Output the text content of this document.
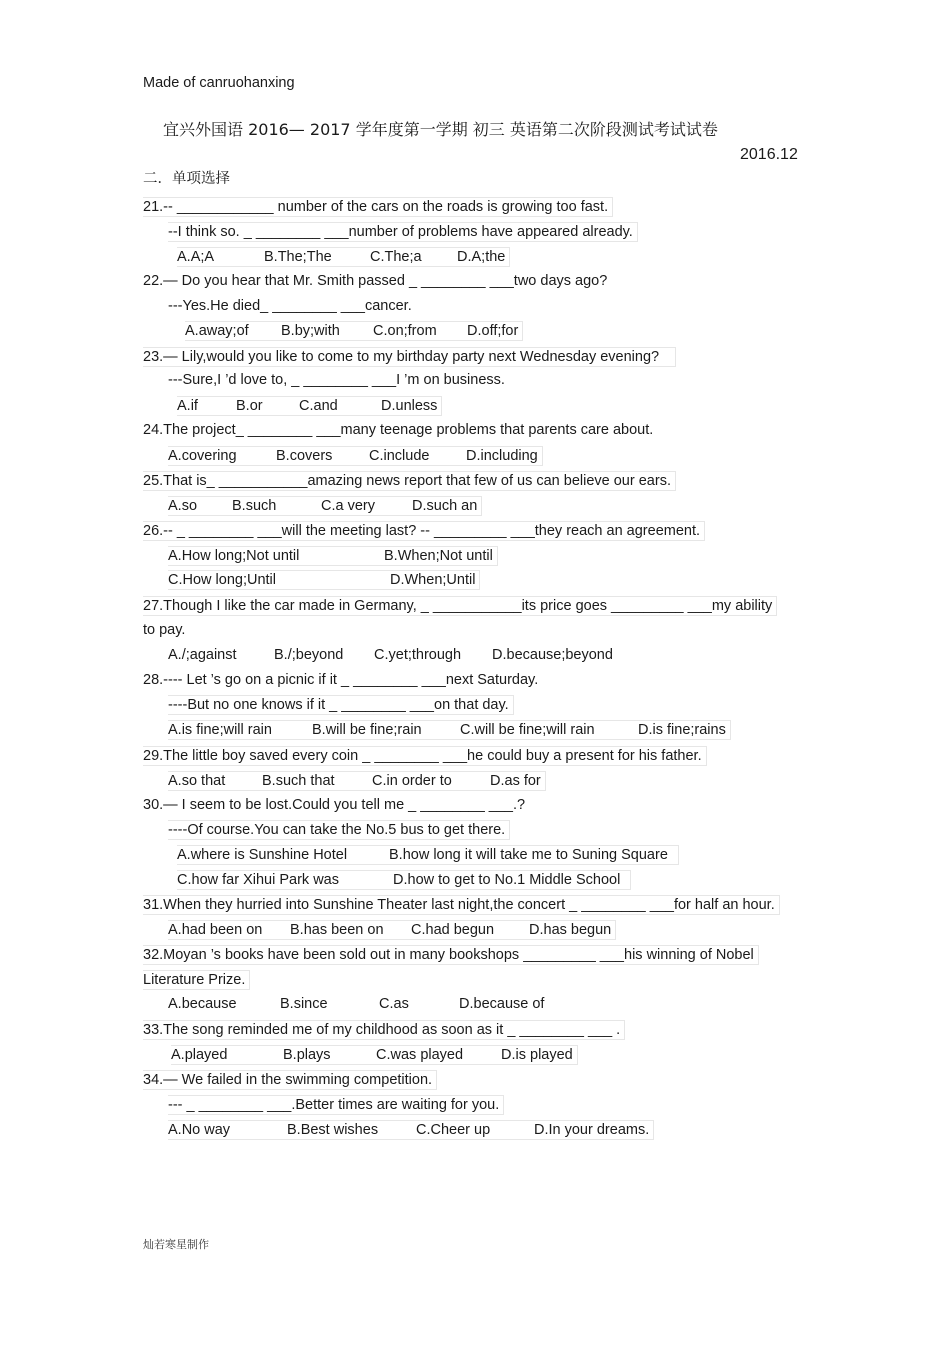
Made of canruohanxing
宜兴外国语 2016— 2017 学年度第一学期 初三 英语第二次阶段测试考试试卷
2016.12
二．单项选择
21.-- ____________ number of the cars on the roads is growing too fast.
--I think so. _ ________ ___number of problems have appeared already.
A.A;A	B.The;The	C.The;a D.A;the
22.— Do you hear that Mr. Smith passed _ ________ ___two days ago?
---Yes.He died_ ________ ___cancer.
A.away;of B.by;with C.on;from D.off;for
23.— Lily,would you like to come to my birthday party next Wednesday evening?
---Sure,I ’d love to, _ ________ ___I ’m on business.
A.if	B.or	C.and	D.unless
24.The project_ ________ ___many teenage problems that parents care about.
A.covering	B.covers	C.include	D.including
25.That is_ ___________amazing news report that few of us can believe our ears.
A.so B.such	C.a very	D.such an
26.-- _ ________ ___will the meeting last? -- _________ ___they reach an agreement.
A.How long;Not until	B.When;Not until
C.How long;Until	D.When;Until
27.Though I like the car made in Germany, _ ___________its price goes _________ ___my ability
to pay.
A./;against	B./;beyond C.yet;through D.because;beyond
28.---- Let ’s go on a picnic if it _ ________ ___next Saturday.
----But no one knows if it _ ________ ___on that day.
A.is fine;will rain	B.will be fine;rain	C.will be fine;will rain	D.is fine;rains
29.The little boy saved every coin _ ________ ___he could buy a present for his father.
A.so that	B.such that	C.in order to	D.as for
30.— I seem to be lost.Could you tell me _ ________ ___.?
----Of course.You can take the No.5 bus to get there.
A.where is Sunshine Hotel	B.how long it will take me to Suning Square
C.how far Xihui Park was	D.how to get to No.1 Middle School
31.When they hurried into Sunshine Theater last night,the concert _ ________ ___for half an hour.
A.had been on B.has been on C.had begun D.has begun
32.Moyan ’s books have been sold out in many bookshops _________ ___his winning of Nobel
Literature Prize.
A.because	B.since	C.as	D.because of
33.The song reminded me of my childhood as soon as it _ ________ ___ .
A.played	B.plays	C.was played	D.is played
34.— We failed in the swimming competition.
--- _ ________ ___.Better times are waiting for you.
A.No way	B.Best wishes	C.Cheer up	D.In your dreams.
灿若寒星制作
